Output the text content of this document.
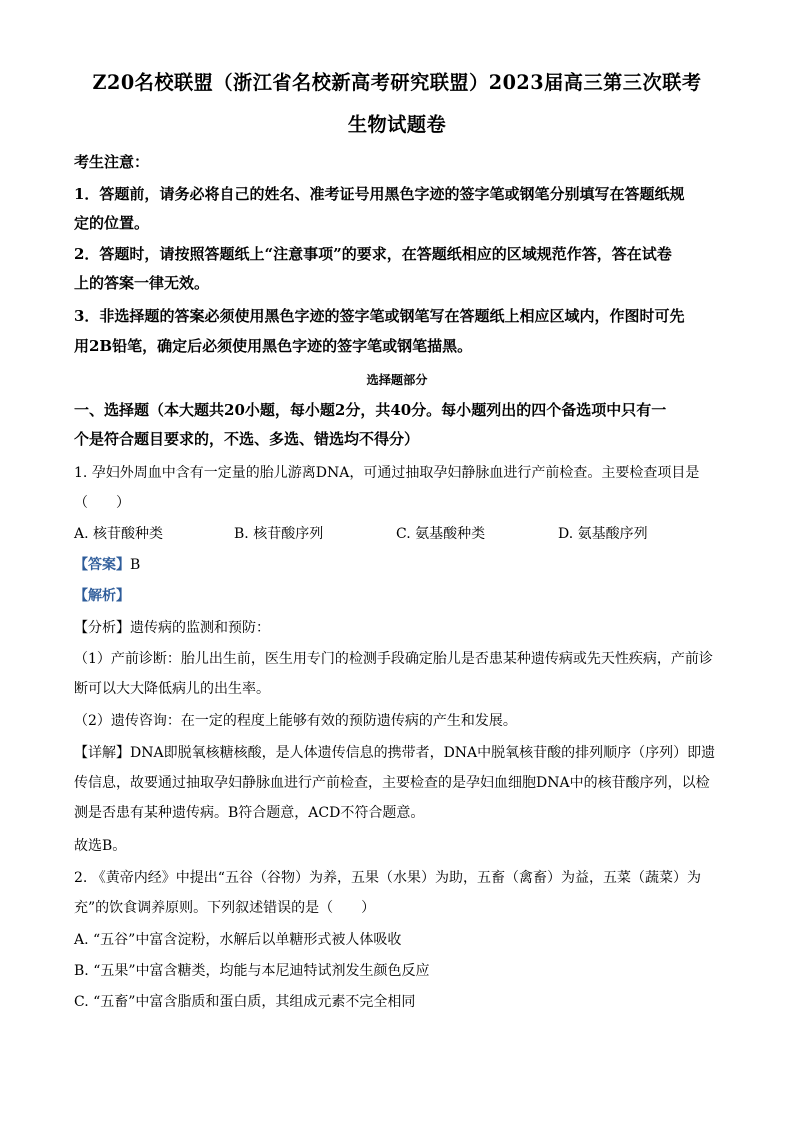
Z20名校联盟（浙江省名校新高考研究联盟）2023届高三第三次联考
生物试题卷
考生注意：
1．答题前，请务必将自己的姓名、准考证号用黑色字迹的签字笔或钢笔分别填写在答题纸规
定的位置。
2．答题时，请按照答题纸上“注意事项”的要求，在答题纸相应的区域规范作答，答在试卷
上的答案一律无效。
3．非选择题的答案必须使用黑色字迹的签字笔或钢笔写在答题纸上相应区域内，作图时可先
用2B铅笔，确定后必须使用黑色字迹的签字笔或钢笔描黑。
选择题部分
一、选择题（本大题共20小题，每小题2分，共40分。每小题列出的四个备选项中只有一
个是符合题目要求的，不选、多选、错选均不得分）
1. 孕妇外周血中含有一定量的胎儿游离DNA，可通过抽取孕妇静脉血进行产前检查。主要检查项目是
（　　）
A. 核苷酸种类	B. 核苷酸序列	C. 氨基酸种类	D. 氨基酸序列
【答案】B
【解析】
【分析】遗传病的监测和预防：
（1）产前诊断：胎儿出生前，医生用专门的检测手段确定胎儿是否患某种遗传病或先天性疾病，产前诊
断可以大大降低病儿的出生率。
（2）遗传咨询：在一定的程度上能够有效的预防遗传病的产生和发展。
【详解】DNA即脱氧核糖核酸，是人体遗传信息的携带者，DNA中脱氧核苷酸的排列顺序（序列）即遗
传信息，故要通过抽取孕妇静脉血进行产前检查，主要检查的是孕妇血细胞DNA中的核苷酸序列，以检
测是否患有某种遗传病。B符合题意，ACD不符合题意。
故选B。
2. 《黄帝内经》中提出“五谷（谷物）为养，五果（水果）为助，五畜（禽畜）为益，五菜（蔬菜）为
充”的饮食调养原则。下列叙述错误的是（　　）
A. “五谷”中富含淀粉，水解后以单糖形式被人体吸收
B. “五果”中富含糖类，均能与本尼迪特试剂发生颜色反应
C. “五畜”中富含脂质和蛋白质，其组成元素不完全相同
